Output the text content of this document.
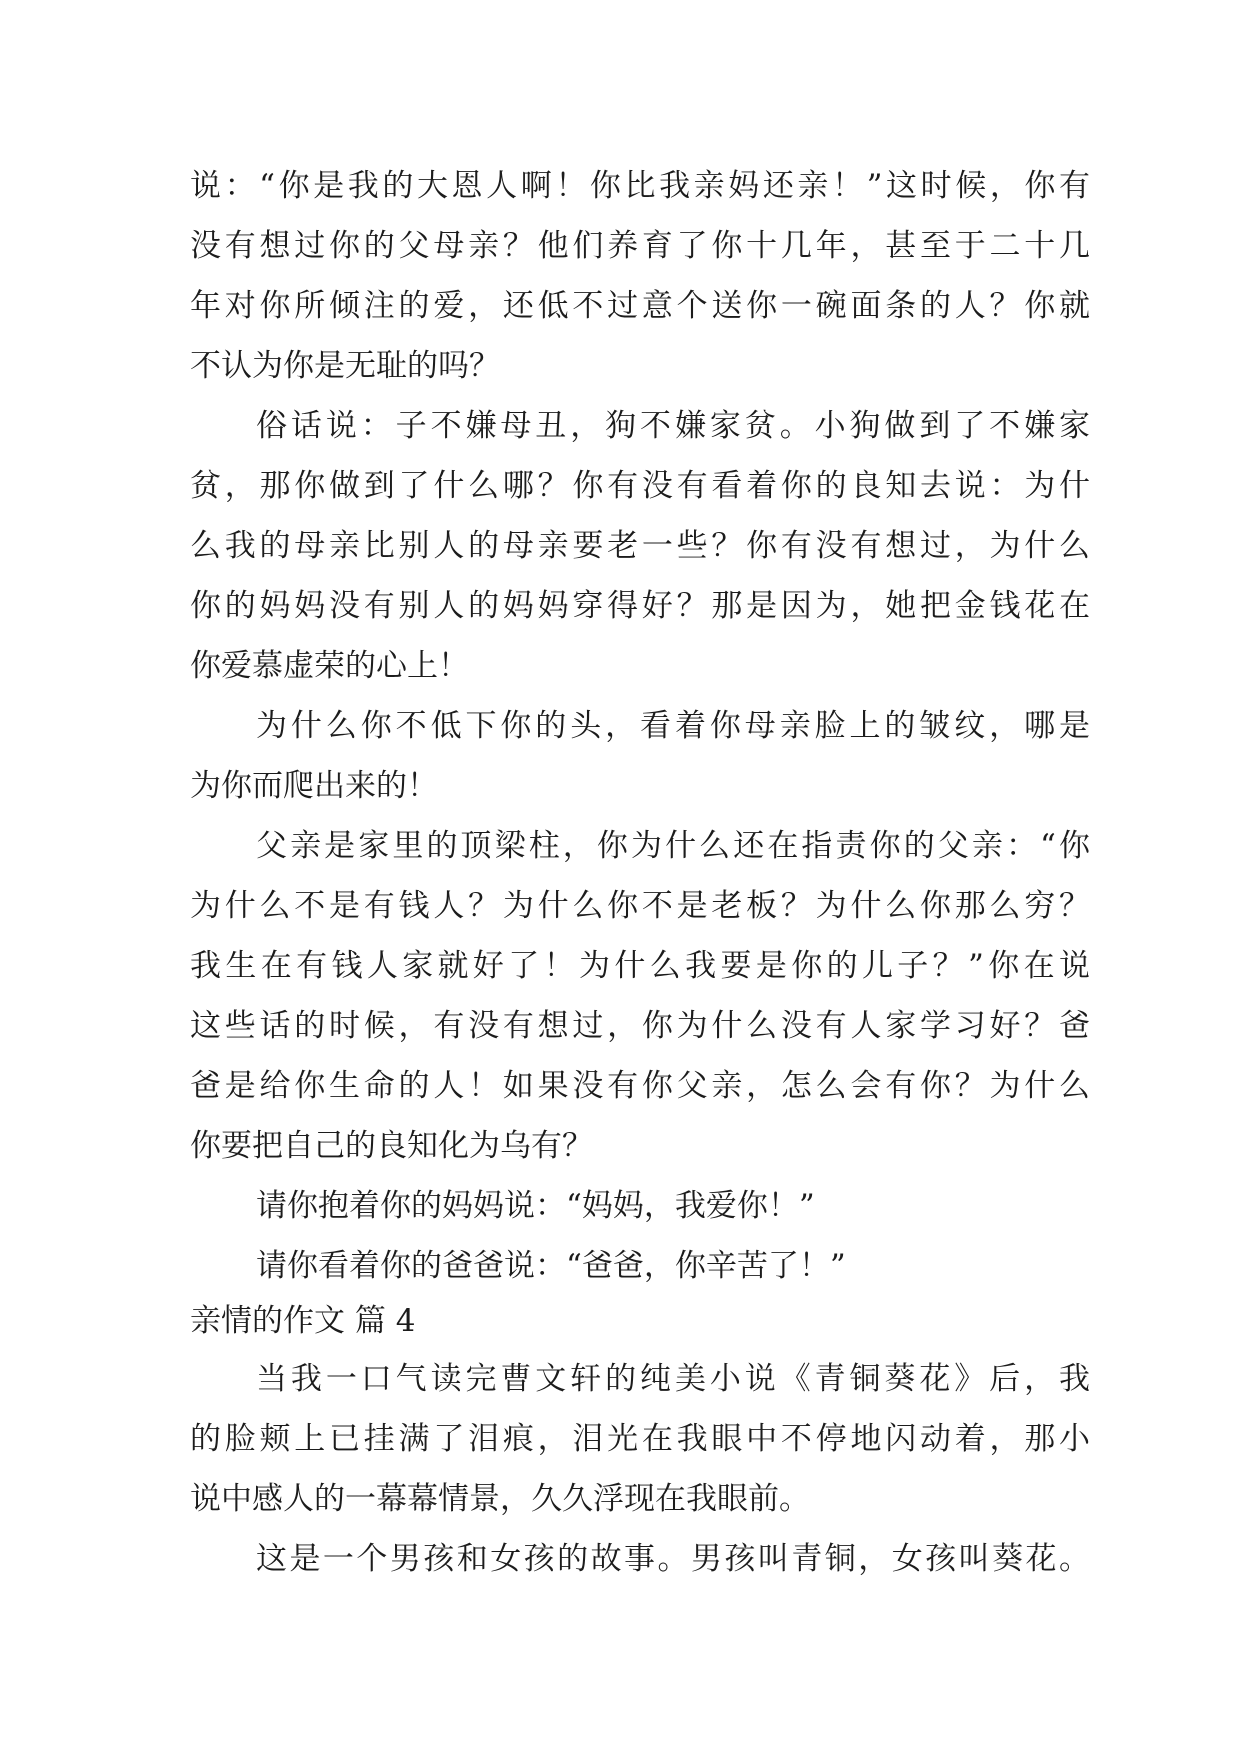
说：“你是我的大恩人啊！你比我亲妈还亲！”这时候，你有
没有想过你的父母亲？他们养育了你十几年，甚至于二十几
年对你所倾注的爱，还低不过意个送你一碗面条的人？你就
不认为你是无耻的吗？
俗话说：子不嫌母丑，狗不嫌家贫。小狗做到了不嫌家
贫，那你做到了什么哪？你有没有看着你的良知去说：为什
么我的母亲比别人的母亲要老一些？你有没有想过，为什么
你的妈妈没有别人的妈妈穿得好？那是因为，她把金钱花在
你爱慕虚荣的心上！
为什么你不低下你的头，看着你母亲脸上的皱纹，哪是
为你而爬出来的！
父亲是家里的顶梁柱，你为什么还在指责你的父亲：“你
为什么不是有钱人？为什么你不是老板？为什么你那么穷？
我生在有钱人家就好了！为什么我要是你的儿子？”你在说
这些话的时候，有没有想过，你为什么没有人家学习好？爸
爸是给你生命的人！如果没有你父亲，怎么会有你？为什么
你要把自己的良知化为乌有？
请你抱着你的妈妈说：“妈妈，我爱你！”
请你看着你的爸爸说：“爸爸，你辛苦了！”
亲情的作文 篇 4
当我一口气读完曹文轩的纯美小说《青铜葵花》后，我
的脸颊上已挂满了泪痕，泪光在我眼中不停地闪动着，那小
说中感人的一幕幕情景，久久浮现在我眼前。
这是一个男孩和女孩的故事。男孩叫青铜，女孩叫葵花。
